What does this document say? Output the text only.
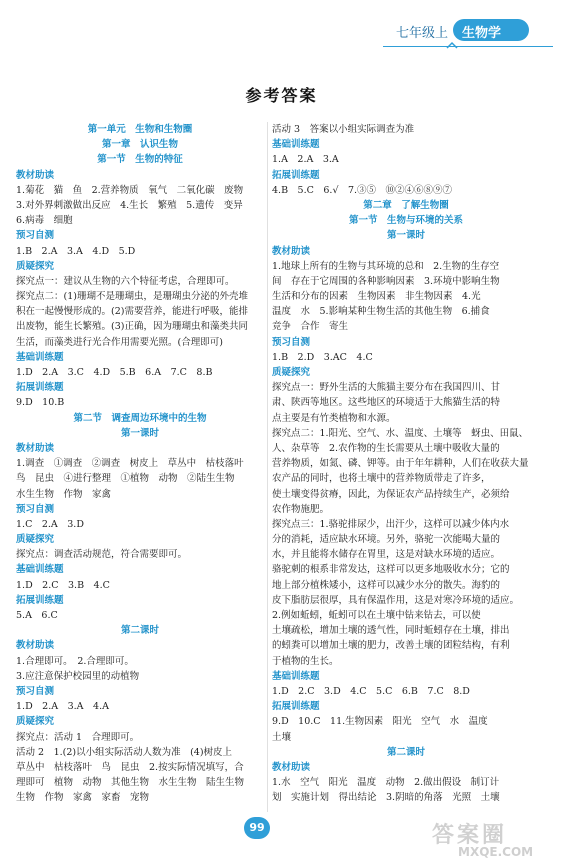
七年级上 生物学
参考答案
第一单元　生物和生物圈
第一章　认识生物
第一节　生物的特征
教材助读
1.菊花　猫　鱼　2.营养物质　氧气　二氧化碳　废物
3.对外界刺激做出反应　4.生长　繁殖　5.遗传　变异
6.病毒　细胞
预习自测
1.B　2.A　3.A　4.D　5.D
质疑探究
探究点一：建议从生物的六个特征考虑，合理即可。
探究点二：(1)珊瑚不是珊瑚虫，是珊瑚虫分泌的外壳堆
积在一起慢慢形成的。(2)需要营养，能进行呼吸，能排
出废物，能生长繁殖。(3)正确，因为珊瑚虫和藻类共同
生活，而藻类进行光合作用需要光照。(合理即可)
基础训练题
1.D　2.A　3.C　4.D　5.B　6.A　7.C　8.B
拓展训练题
9.D　10.B
第二节　调查周边环境中的生物
第一课时
教材助读
1.调查　①调查　②调查　树皮上　草丛中　枯枝落叶
鸟　昆虫　④进行整理　①植物　动物　②陆生生物
水生生物　作物　家禽
预习自测
1.C　2.A　3.D
质疑探究
探究点：调查活动规范，符合需要即可。
基础训练题
1.D　2.C　3.B　4.C
拓展训练题
5.A　6.C
第二课时
教材助读
1.合理即可。　2.合理即可。
3.应注意保护校园里的动植物
预习自测
1.D　2.A　3.A　4.A
质疑探究
探究点：活动 1　合理即可。
活动 2　1.(2)以小组实际活动人数为准　(4)树皮上
草丛中　枯枝落叶　鸟　昆虫　2.按实际情况填写，合
理即可　植物　动物　其他生物　水生生物　陆生生物
生物　作物　家禽　家畜　宠物
活动 3　答案以小组实际调查为准
基础训练题
1.A　2.A　3.A
拓展训练题
4.B　5.C　6.√　7.③⑤　⑩②④⑥⑧⑨⑦
第二章　了解生物圈
第一节　生物与环境的关系
第一课时
教材助读
1.地球上所有的生物与其环境的总和　2.生物的生存空
间　存在于它周围的各种影响因素　3.环境中影响生物
生活和分布的因素　生物因素　非生物因素　4.光
温度　水　5.影响某种生物生活的其他生物　6.捕食
竞争　合作　寄生
预习自测
1.B　2.D　3.AC　4.C
质疑探究
探究点一：野外生活的大熊猫主要分布在我国四川、甘
肃、陕西等地区。这些地区的环境适于大熊猫生活的特
点主要是有竹类植物和水源。
探究点二：1.阳光、空气、水、温度、土壤等　蚜虫、田鼠、
人、杂草等　2.农作物的生长需要从土壤中吸收大量的
营养物质，如氮、磷、钾等。由于年年耕种，人们在收获大量
农产品的同时，也将土壤中的营养物质带走了许多，
使土壤变得贫瘠，因此，为保证农产品持续生产，必须给
农作物施肥。
探究点三：1.骆驼排尿少，出汗少，这样可以减少体内水
分的消耗，适应缺水环境。另外，骆驼一次能喝大量的
水，并且能将水储存在胃里，这是对缺水环境的适应。
骆驼刺的根系非常发达，这样可以更多地吸收水分；它的
地上部分植株矮小，这样可以减少水分的散失。海豹的
皮下脂肪层很厚，具有保温作用，这是对寒冷环境的适应。
2.例如蚯蚓，蚯蚓可以在土壤中钻来钻去，可以使
土壤疏松，增加土壤的透气性，同时蚯蚓存在土壤，排出
的蚓粪可以增加土壤的肥力，改善土壤的团粒结构，有利
于植物的生长。
基础训练题
1.D　2.C　3.D　4.C　5.C　6.B　7.C　8.D
拓展训练题
9.D　10.C　11.生物因素　阳光　空气　水　温度
土壤
第二课时
教材助读
1.水　空气　阳光　温度　动物　2.做出假设　制订计
划　实施计划　得出结论　3.阴暗的角落　光照　土壤
99	答案圈
MXQE.COM
